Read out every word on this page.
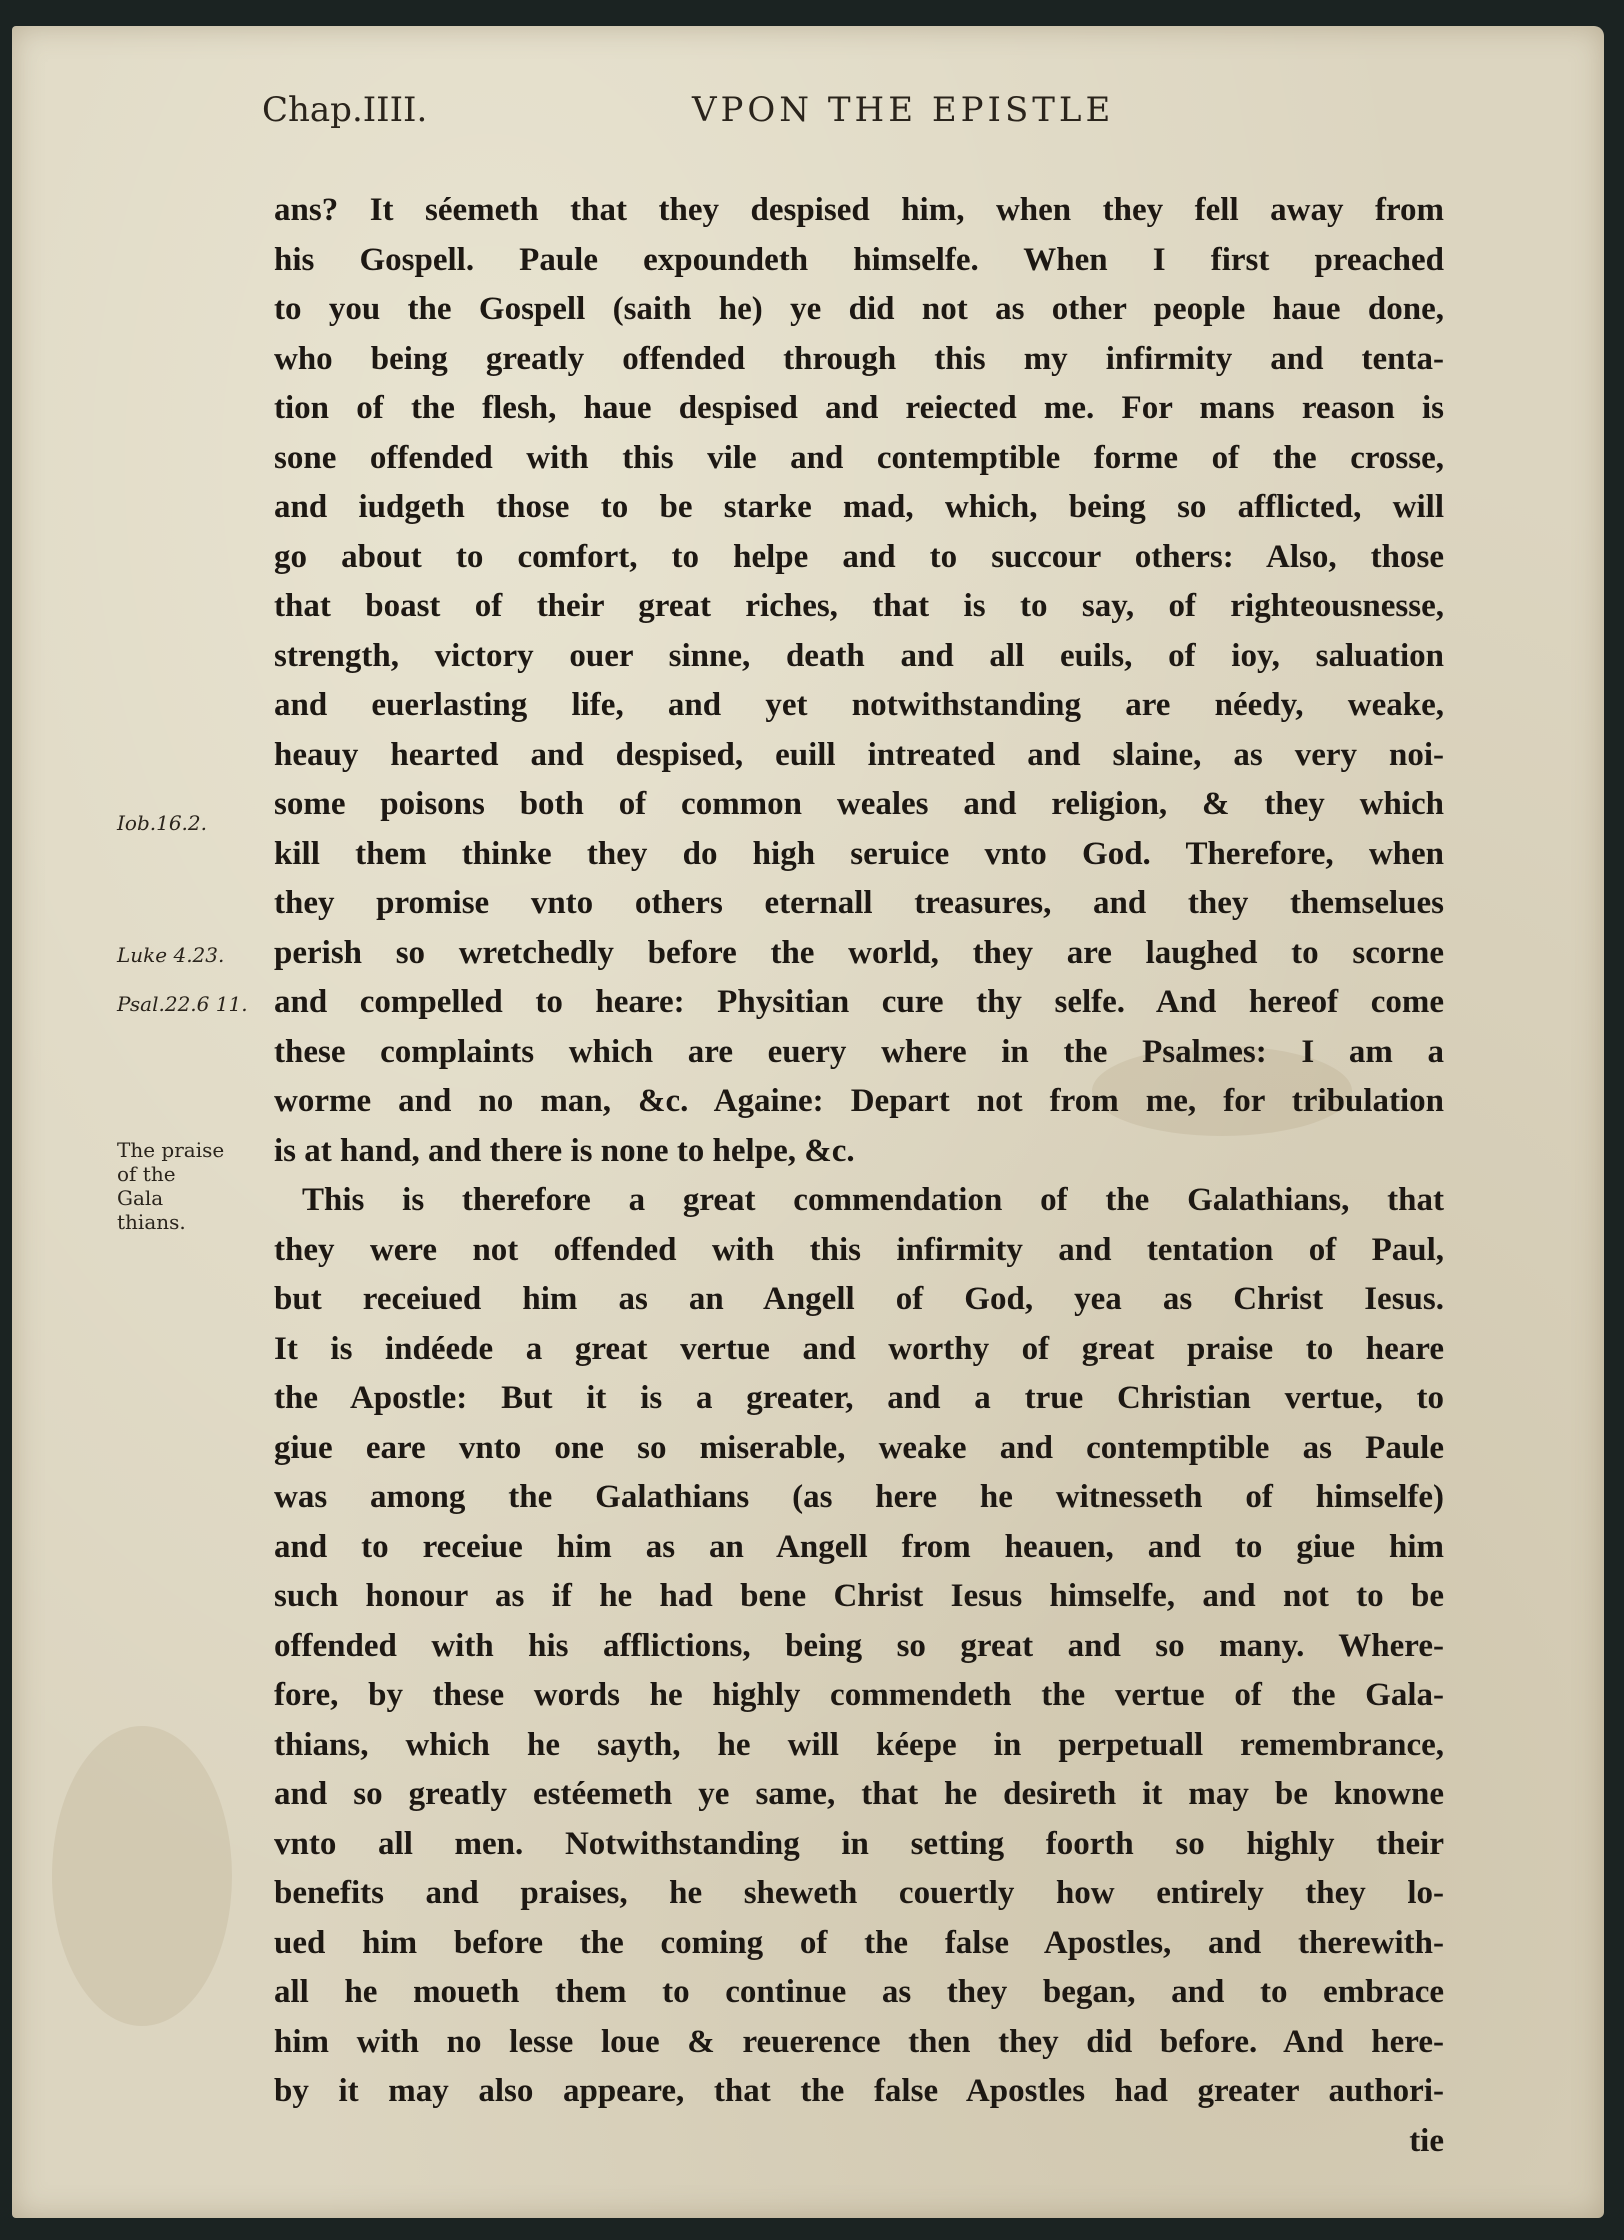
Chap.IIII.	VPON THE EPISTLE
Iob.16.2.
Luke 4.23.
Psal.22.6 11.
The praise of the Gala thians.
ans? It séemeth that they despised him, when they fell away from
his Gospell. Paule expoundeth himselfe. When I first preached
to you the Gospell (saith he) ye did not as other people haue done,
who being greatly offended through this my infirmity and tenta-
tion of the flesh, haue despised and reiected me. For mans reason is
sone offended with this vile and contemptible forme of the crosse,
and iudgeth those to be starke mad, which, being so afflicted, will
go about to comfort, to helpe and to succour others: Also, those
that boast of their great riches, that is to say, of righteousnesse,
strength, victory ouer sinne, death and all euils, of ioy, saluation
and euerlasting life, and yet notwithstanding are néedy, weake,
heauy hearted and despised, euill intreated and slaine, as very noi-
some poisons both of common weales and religion, & they which
kill them thinke they do high seruice vnto God. Therefore, when
they promise vnto others eternall treasures, and they themselues
perish so wretchedly before the world, they are laughed to scorne
and compelled to heare: Physitian cure thy selfe. And hereof come
these complaints which are euery where in the Psalmes: I am a
worme and no man, &c. Againe: Depart not from me, for tribulation
is at hand, and there is none to helpe, &c.
This is therefore a great commendation of the Galathians, that
they were not offended with this infirmity and tentation of Paul,
but receiued him as an Angell of God, yea as Christ Iesus.
It is indéede a great vertue and worthy of great praise to heare
the Apostle: But it is a greater, and a true Christian vertue, to
giue eare vnto one so miserable, weake and contemptible as Paule
was among the Galathians (as here he witnesseth of himselfe)
and to receiue him as an Angell from heauen, and to giue him
such honour as if he had bene Christ Iesus himselfe, and not to be
offended with his afflictions, being so great and so many. Where-
fore, by these words he highly commendeth the vertue of the Gala-
thians, which he sayth, he will kéepe in perpetuall remembrance,
and so greatly estéemeth ye same, that he desireth it may be knowne
vnto all men. Notwithstanding in setting foorth so highly their
benefits and praises, he sheweth couertly how entirely they lo-
ued him before the coming of the false Apostles, and therewith-
all he moueth them to continue as they began, and to embrace
him with no lesse loue & reuerence then they did before. And here-
by it may also appeare, that the false Apostles had greater authori-
tie
